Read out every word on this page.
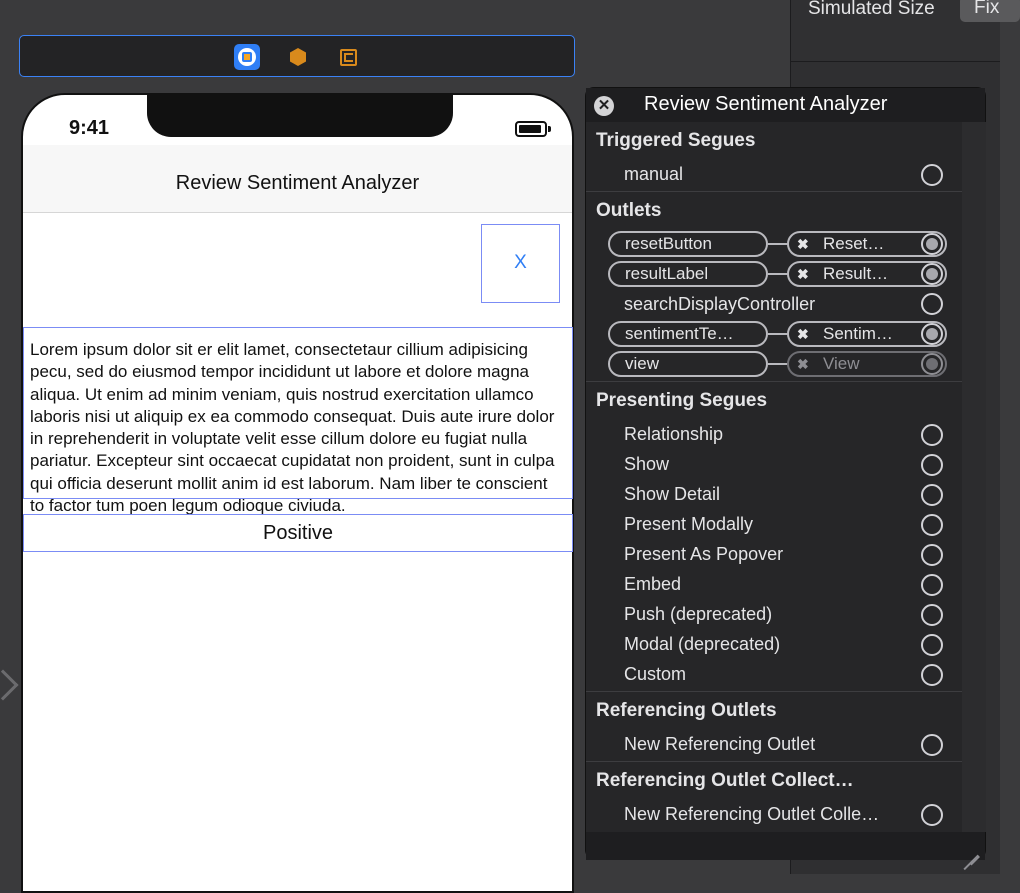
Simulated Size	Fix
9:41
Review Sentiment Analyzer
X
Lorem ipsum dolor sit er elit lamet, consectetaur cillium adipisicing pecu, sed do eiusmod tempor incididunt ut labore et dolore magna aliqua. Ut enim ad minim veniam, quis nostrud exercitation ullamco laboris nisi ut aliquip ex ea commodo consequat. Duis aute irure dolor in reprehenderit in voluptate velit esse cillum dolore eu fugiat nulla pariatur. Excepteur sint occaecat cupidatat non proident, sunt in culpa qui officia deserunt mollit anim id est laborum. Nam liber te conscient to factor tum poen legum odioque civiuda.
Positive
✕ Review Sentiment Analyzer
Triggered Segues
manual
Outlets
resetButton	Reset…
✖
resultLabel	Result…
✖
searchDisplayController
sentimentTe…	Sentim…
✖
view	View
✖
Presenting Segues
Relationship
Show
Show Detail
Present Modally
Present As Popover
Embed
Push (deprecated)
Modal (deprecated)
Custom
Referencing Outlets
New Referencing Outlet
Referencing Outlet Collect…
New Referencing Outlet Colle…
